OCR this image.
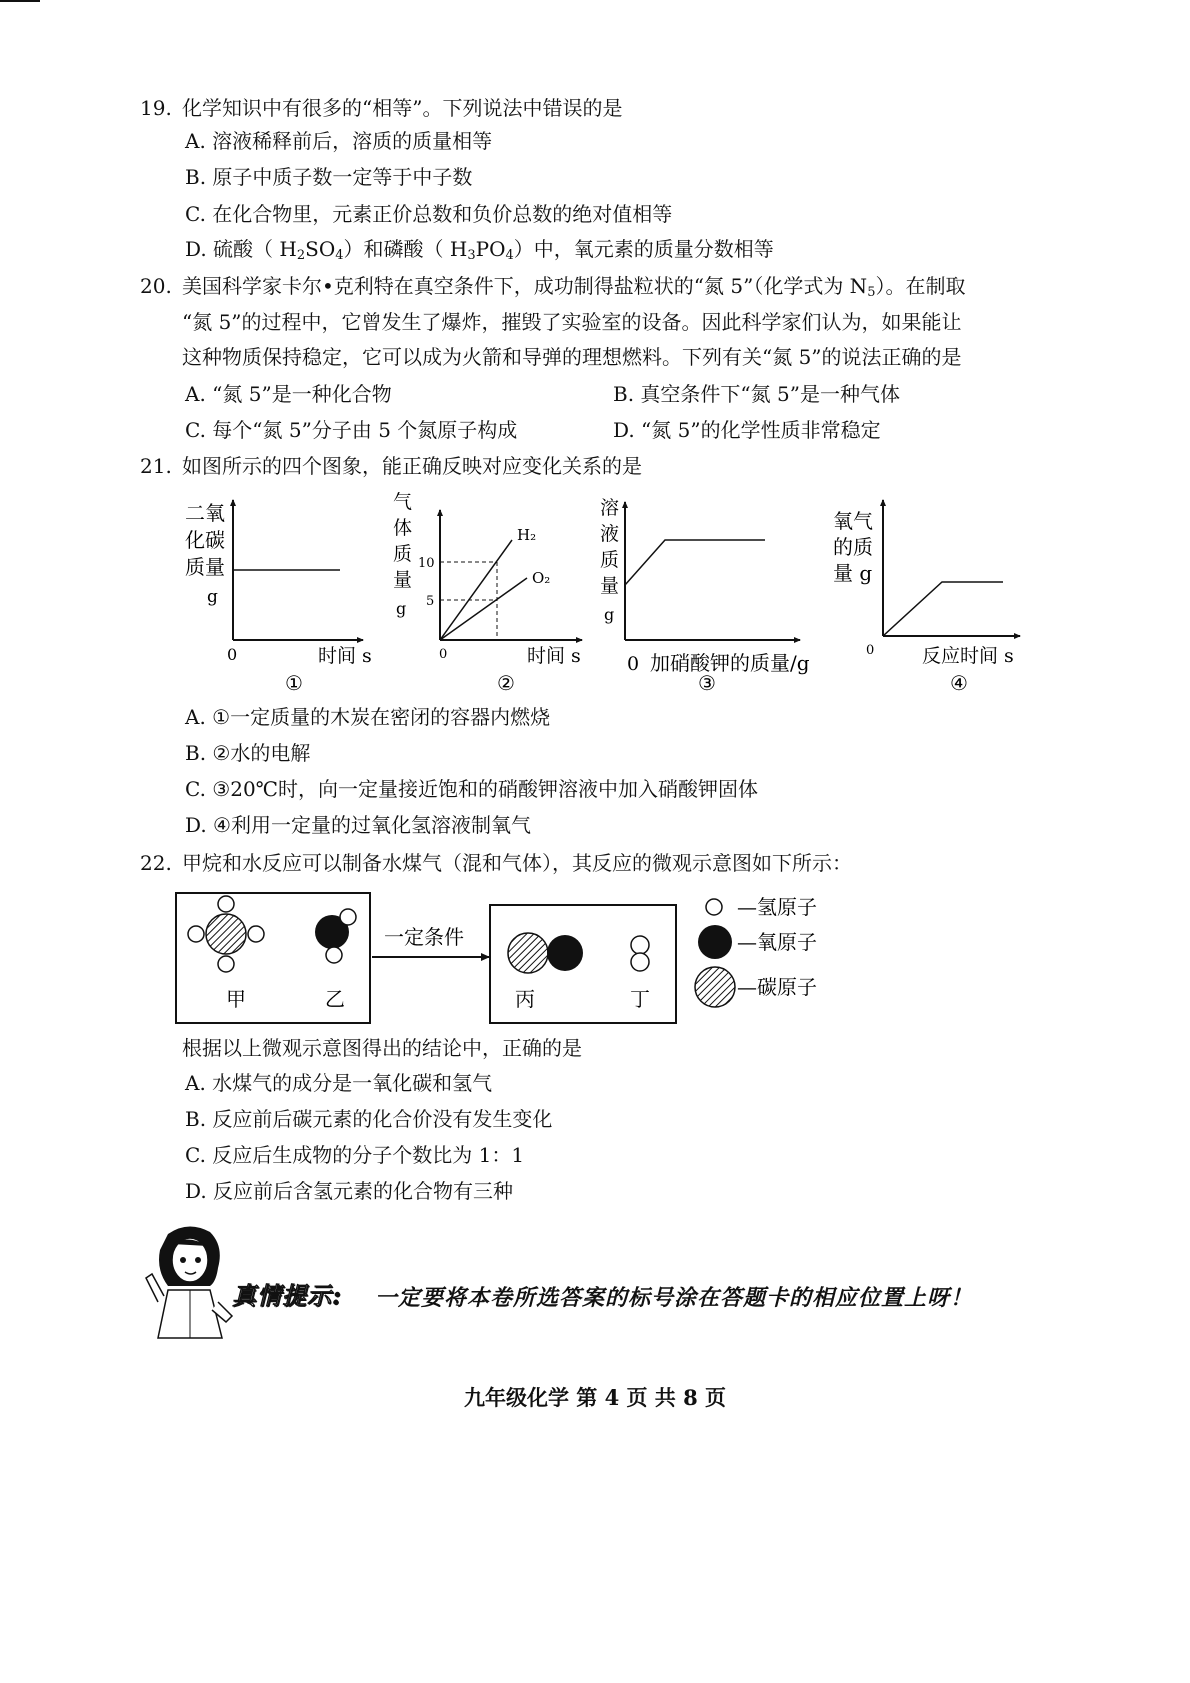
19. 化学知识中有很多的“相等”。下列说法中错误的是
A. 溶液稀释前后，溶质的质量相等
B. 原子中质子数一定等于中子数
C. 在化合物里，元素正价总数和负价总数的绝对值相等
D. 硫酸（ $H_2SO_4$）和磷酸（ $H_3PO_4$）中，氧元素的质量分数相等
20. 美国科学家卡尔•克利特在真空条件下，成功制得盐粒状的“氮 5”（化学式为 $N_5$）。在制取
“氮 5”的过程中，它曾发生了爆炸，摧毁了实验室的设备。因此科学家们认为，如果能让
这种物质保持稳定，它可以成为火箭和导弹的理想燃料。下列有关“氮 5”的说法正确的是
A. “氮 5”是一种化合物	B. 真空条件下“氮 5”是一种气体
C. 每个“氮 5”分子由 5 个氮原子构成	D. “氮 5”的化学性质非常稳定
21. 如图所示的四个图象，能正确反映对应变化关系的是
二氧
化碳
质量
g
0	时间 s
①
气
体
质
量
g
10
5
H₂
O₂
0	时间 s
②
溶
液
质
量
g
0 加硝酸钾的质量/g
③
氧气
的质
量 g
0	反应时间 s
④
A. ①一定质量的木炭在密闭的容器内燃烧
B. ②水的电解
C. ③20℃时，向一定量接近饱和的硝酸钾溶液中加入硝酸钾固体
D. ④利用一定量的过氧化氢溶液制氧气
22. 甲烷和水反应可以制备水煤气（混和气体），其反应的微观示意图如下所示：
甲	乙
一定条件
丙	丁
—氢原子
—氧原子
—碳原子
根据以上微观示意图得出的结论中，正确的是
A. 水煤气的成分是一氧化碳和氢气
B. 反应前后碳元素的化合价没有发生变化
C. 反应后生成物的分子个数比为 1：1
D. 反应前后含氢元素的化合物有三种
真情提示: 一定要将本卷所选答案的标号涂在答题卡的相应位置上呀！
九年级化学 第 4 页 共 8 页
